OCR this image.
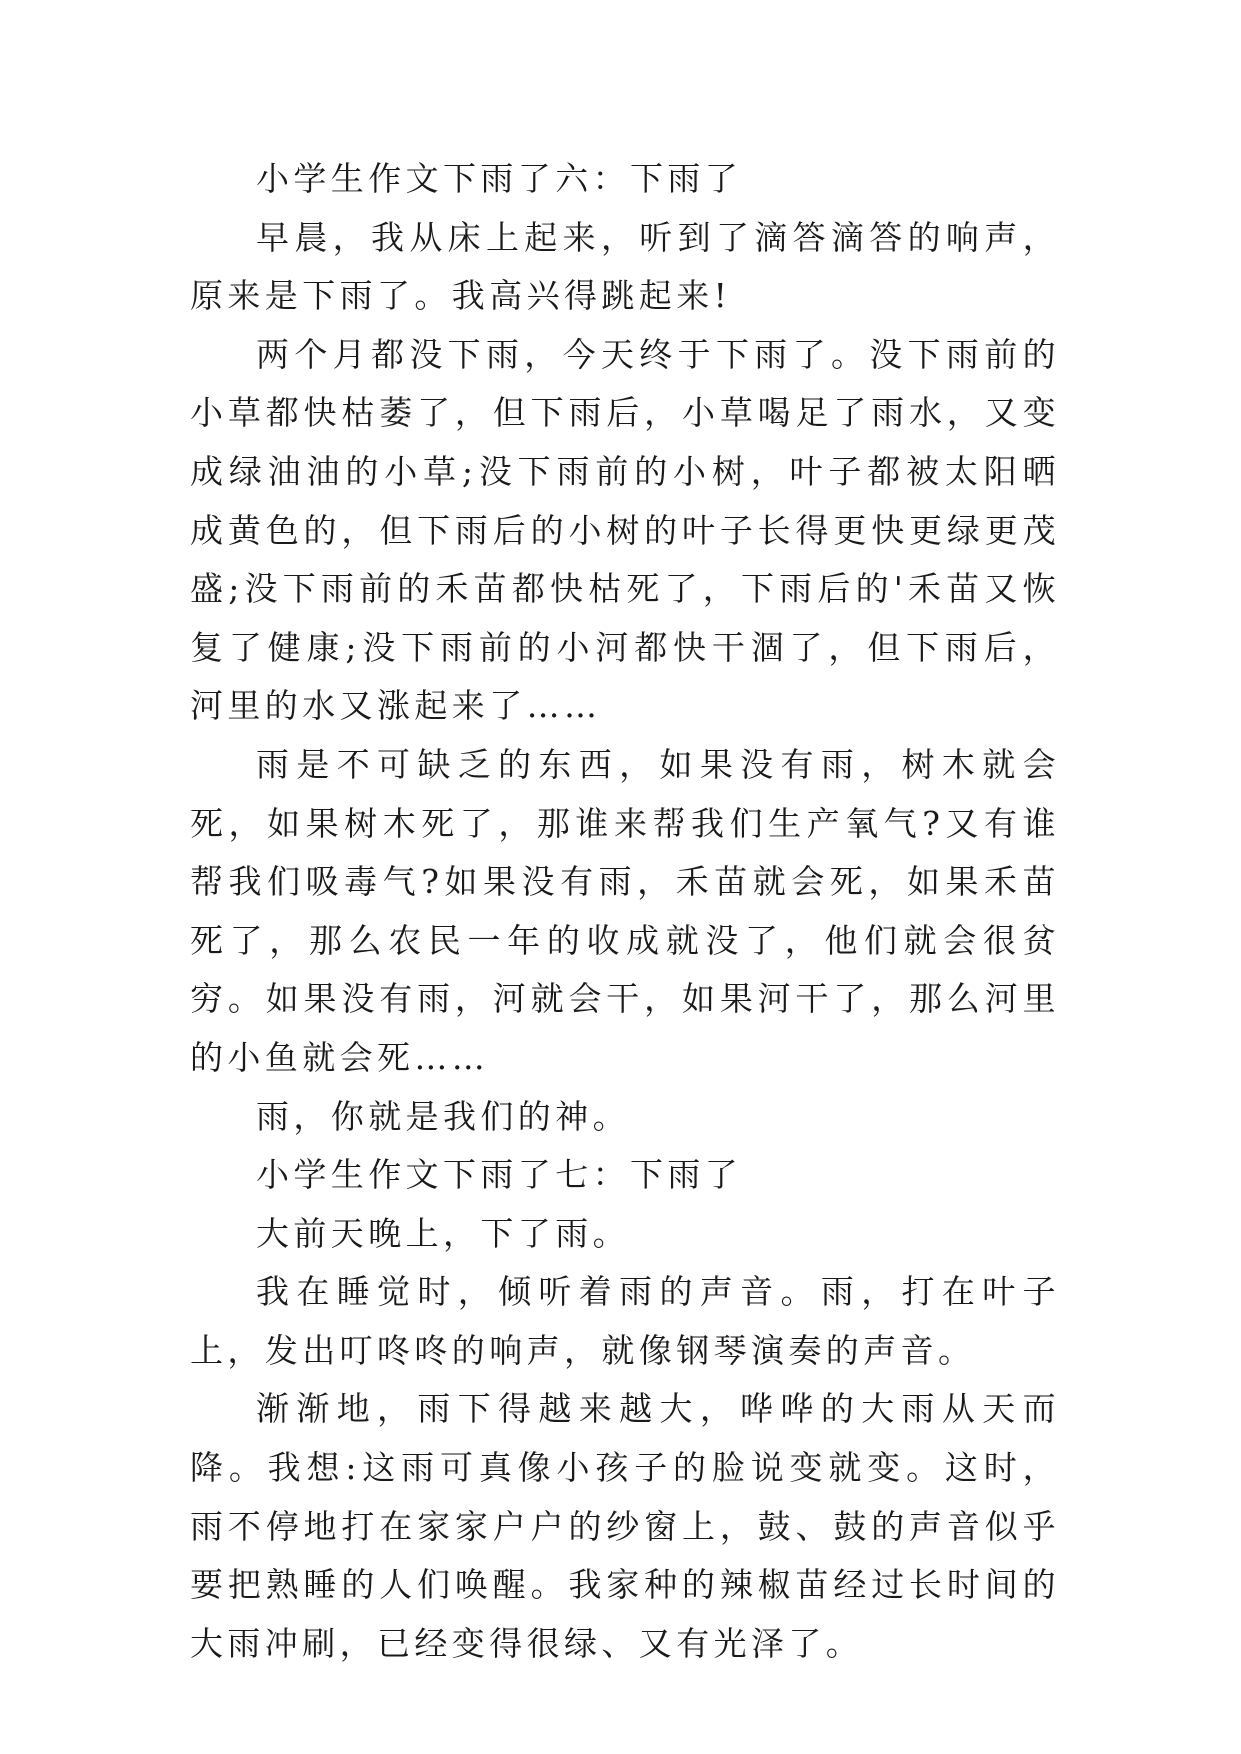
小学生作文下雨了六：下雨了

早晨，我从床上起来，听到了滴答滴答的响声，原来是下雨了。我高兴得跳起来!

两个月都没下雨，今天终于下雨了。没下雨前的小草都快枯萎了，但下雨后，小草喝足了雨水，又变成绿油油的小草;没下雨前的小树，叶子都被太阳晒成黄色的，但下雨后的小树的叶子长得更快更绿更茂盛;没下雨前的禾苗都快枯死了，下雨后的'禾苗又恢复了健康;没下雨前的小河都快干涸了，但下雨后，河里的水又涨起来了……

雨是不可缺乏的东西，如果没有雨，树木就会死，如果树木死了，那谁来帮我们生产氧气?又有谁帮我们吸毒气?如果没有雨，禾苗就会死，如果禾苗死了，那么农民一年的收成就没了，他们就会很贫穷。如果没有雨，河就会干，如果河干了，那么河里的小鱼就会死……

雨，你就是我们的神。

小学生作文下雨了七：下雨了

大前天晚上，下了雨。

我在睡觉时，倾听着雨的声音。雨，打在叶子上，发出叮咚咚的响声，就像钢琴演奏的声音。

渐渐地，雨下得越来越大，哗哗的大雨从天而降。我想:这雨可真像小孩子的脸说变就变。这时，雨不停地打在家家户户的纱窗上，鼓、鼓的声音似乎要把熟睡的人们唤醒。我家种的辣椒苗经过长时间的大雨冲刷，已经变得很绿、又有光泽了。
